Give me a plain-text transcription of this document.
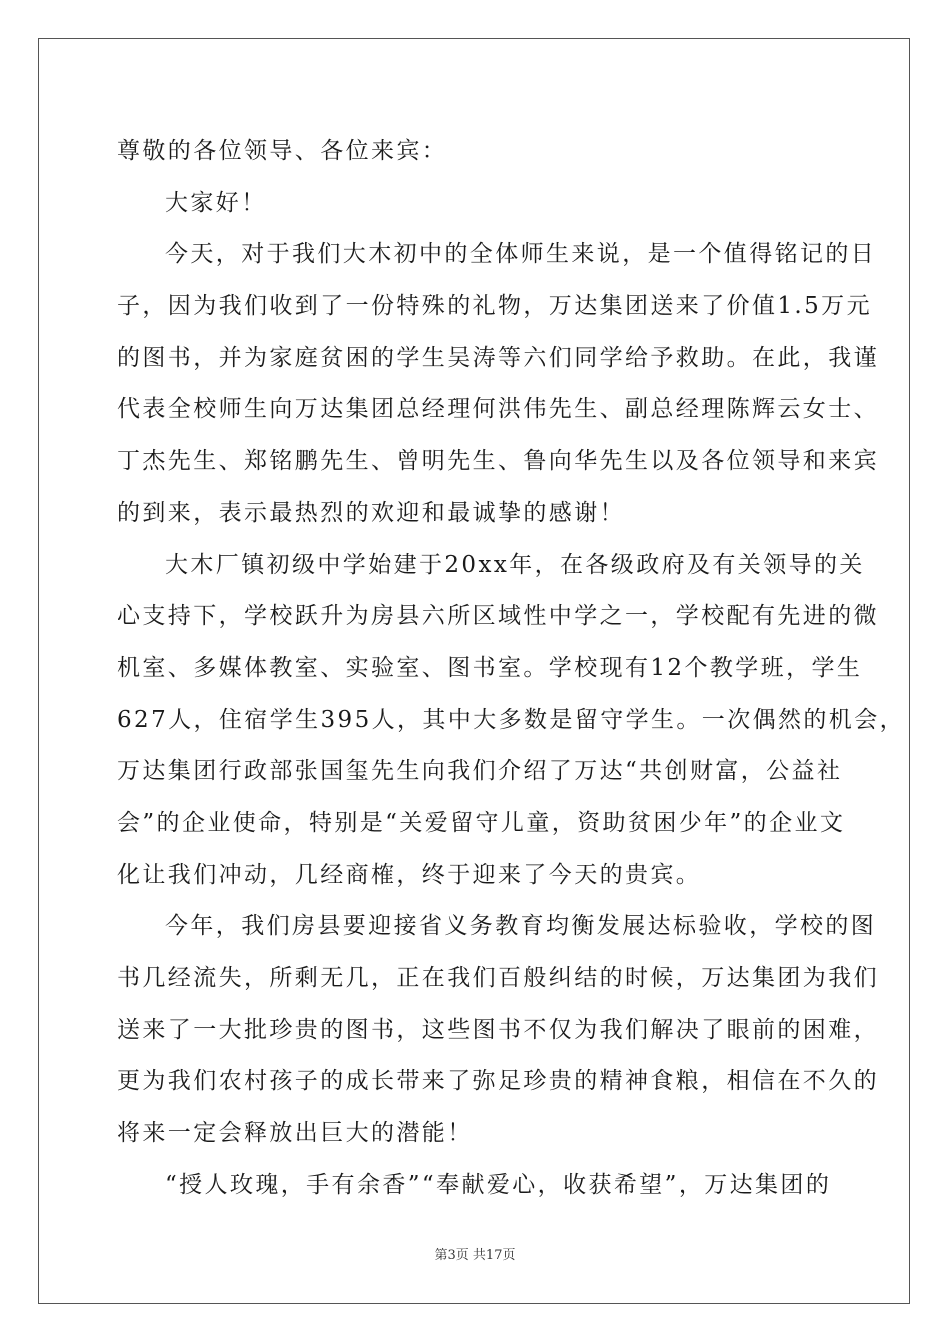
尊敬的各位领导、各位来宾：
大家好！
今天，对于我们大木初中的全体师生来说，是一个值得铭记的日
子，因为我们收到了一份特殊的礼物，万达集团送来了价值1.5万元
的图书，并为家庭贫困的学生吴涛等六们同学给予救助。在此，我谨
代表全校师生向万达集团总经理何洪伟先生、副总经理陈辉云女士、
丁杰先生、郑铭鹏先生、曾明先生、鲁向华先生以及各位领导和来宾
的到来，表示最热烈的欢迎和最诚挚的感谢！
大木厂镇初级中学始建于20xx年，在各级政府及有关领导的关
心支持下，学校跃升为房县六所区域性中学之一，学校配有先进的微
机室、多媒体教室、实验室、图书室。学校现有12个教学班，学生
627人，住宿学生395人，其中大多数是留守学生。一次偶然的机会，
万达集团行政部张国玺先生向我们介绍了万达“共创财富，公益社
会”的企业使命，特别是“关爱留守儿童，资助贫困少年”的企业文
化让我们冲动，几经商榷，终于迎来了今天的贵宾。
今年，我们房县要迎接省义务教育均衡发展达标验收，学校的图
书几经流失，所剩无几，正在我们百般纠结的时候，万达集团为我们
送来了一大批珍贵的图书，这些图书不仅为我们解决了眼前的困难，
更为我们农村孩子的成长带来了弥足珍贵的精神食粮，相信在不久的
将来一定会释放出巨大的潜能！
“授人玫瑰，手有余香”“奉献爱心，收获希望”，万达集团的
第3页 共17页
